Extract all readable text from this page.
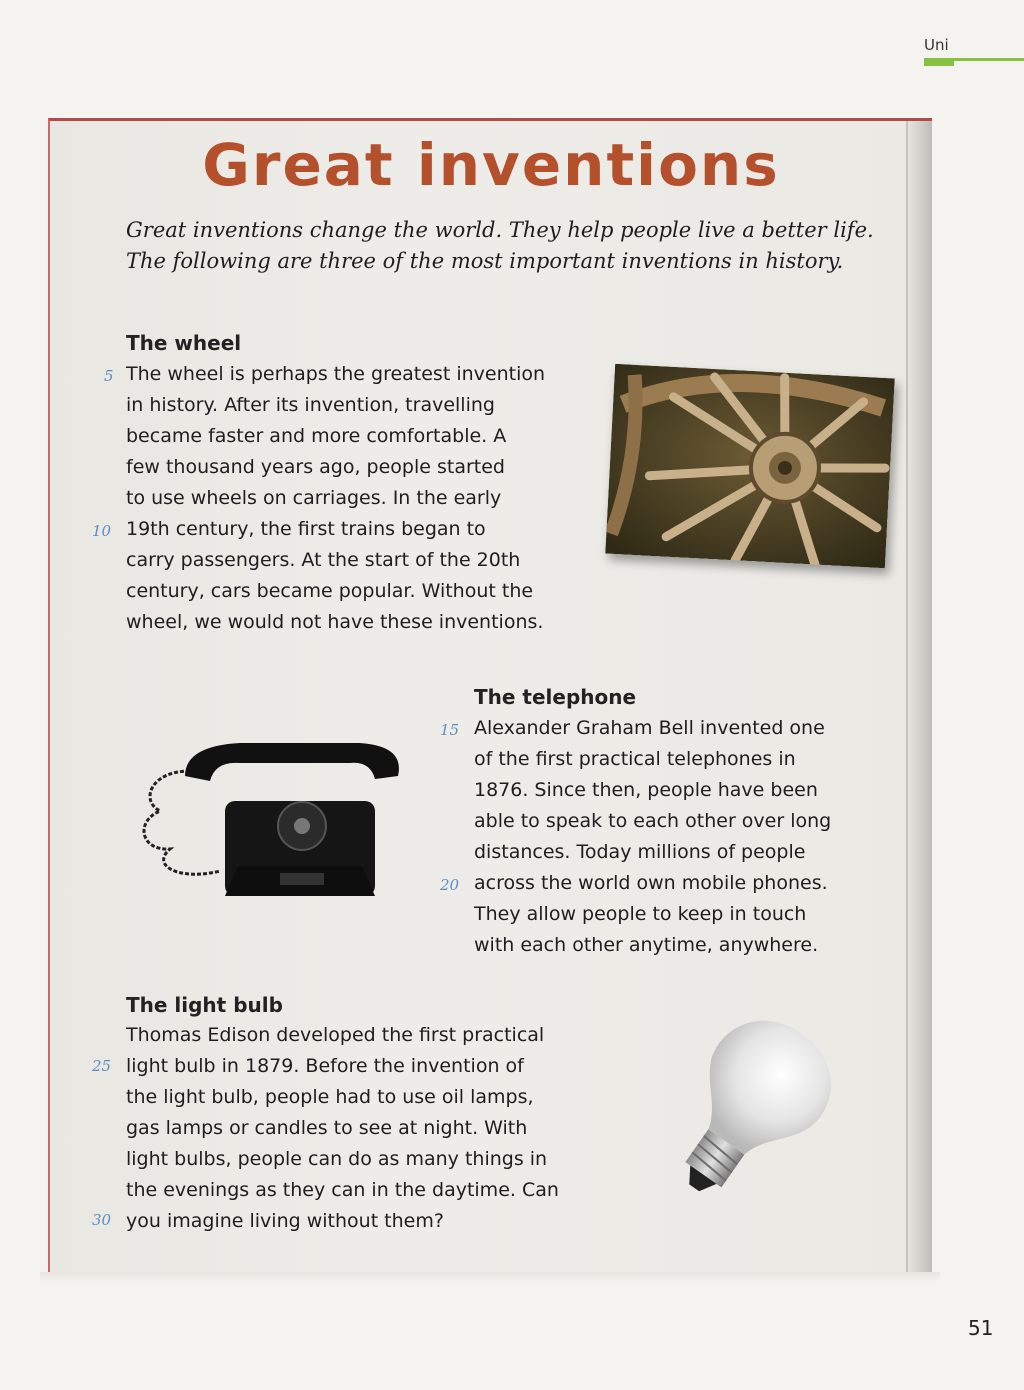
Uni
Great inventions

Great inventions change the world. They help people live a better life. The following are three of the most important inventions in history.

The wheel
5
10
The wheel is perhaps the greatest invention
in history. After its invention, travelling
became faster and more comfortable. A
few thousand years ago, people started
to use wheels on carriages. In the early
19th century, the first trains began to
carry passengers. At the start of the 20th
century, cars became popular. Without the
wheel, we would not have these inventions.
The telephone
15
20
Alexander Graham Bell invented one
of the first practical telephones in
1876. Since then, people have been
able to speak to each other over long
distances. Today millions of people
across the world own mobile phones.
They allow people to keep in touch
with each other anytime, anywhere.
The light bulb
25
30
Thomas Edison developed the first practical
light bulb in 1879. Before the invention of
the light bulb, people had to use oil lamps,
gas lamps or candles to see at night. With
light bulbs, people can do as many things in
the evenings as they can in the daytime. Can
you imagine living without them?
51
